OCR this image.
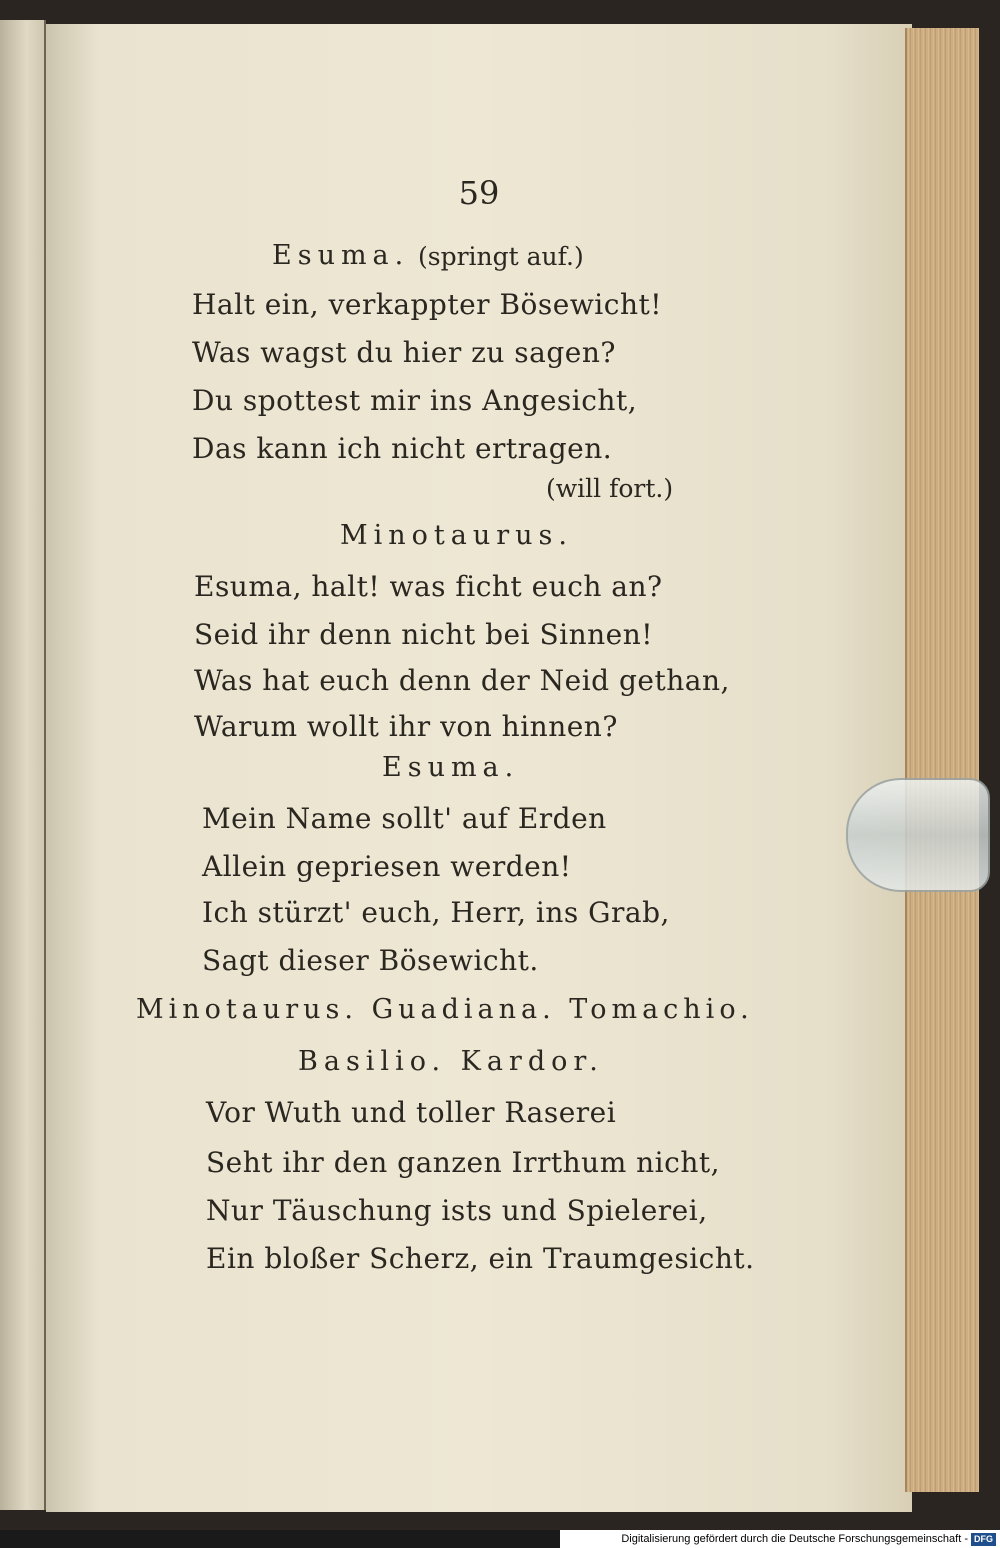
59
Esuma. (springt auf.)
Halt ein, verkappter Bösewicht!
Was wagst du hier zu sagen?
Du spottest mir ins Angesicht,
Das kann ich nicht ertragen.
(will fort.)
Minotaurus.
Esuma, halt! was ficht euch an?
Seid ihr denn nicht bei Sinnen!
Was hat euch denn der Neid gethan,
Warum wollt ihr von hinnen?
Esuma.
Mein Name sollt' auf Erden
Allein gepriesen werden!
Ich stürzt' euch, Herr, ins Grab,
Sagt dieser Bösewicht.
Minotaurus. Guadiana. Tomachio.
Basilio. Kardor.
Vor Wuth und toller Raserei
Seht ihr den ganzen Irrthum nicht,
Nur Täuschung ists und Spielerei,
Ein bloßer Scherz, ein Traumgesicht.
Digitalisierung gefördert durch die Deutsche Forschungsgemeinschaft - DFG
